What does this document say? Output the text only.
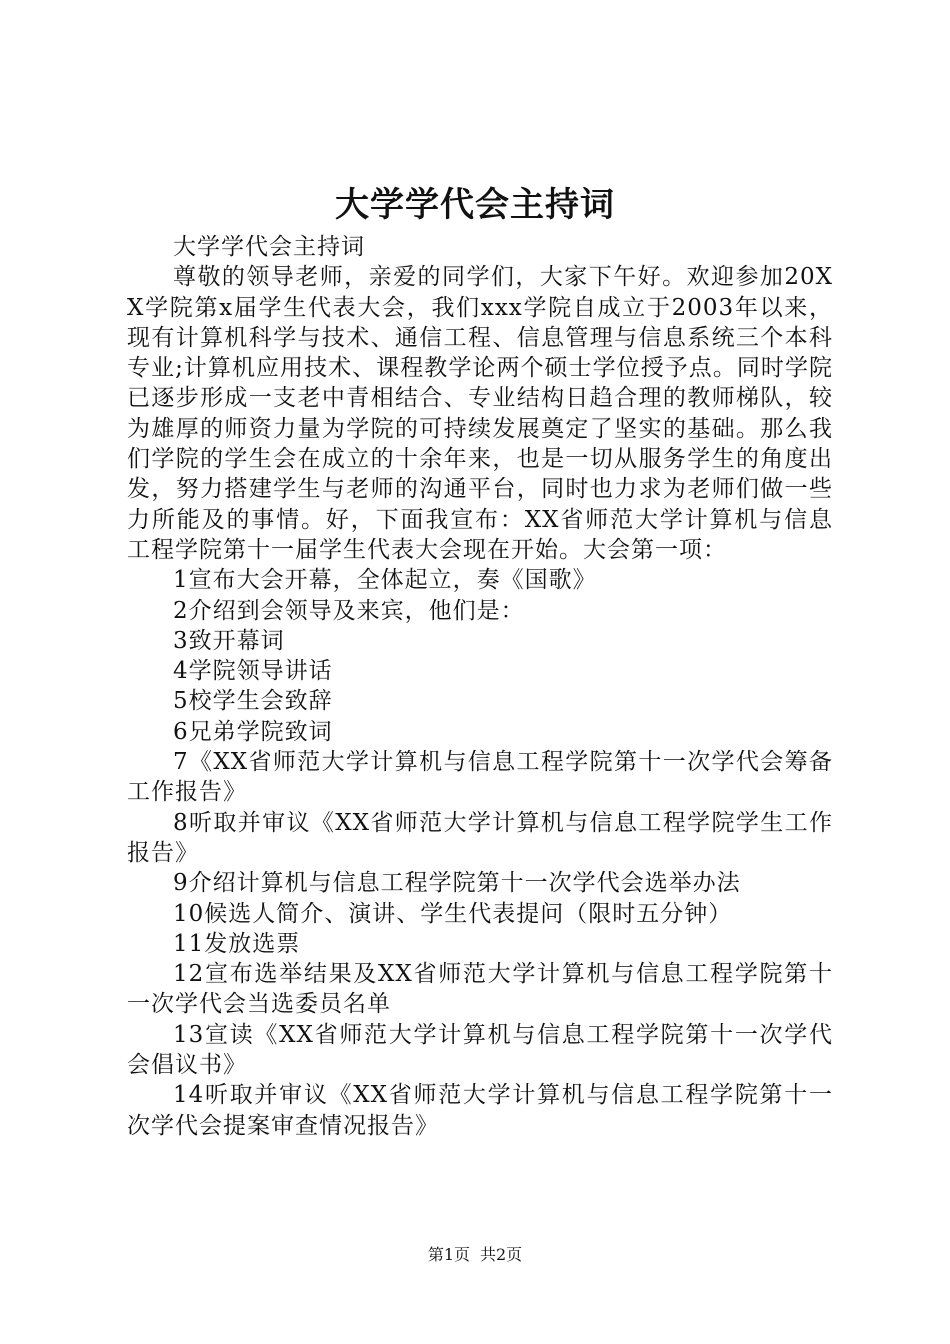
大学学代会主持词

大学学代会主持词

尊敬的领导老师，亲爱的同学们，大家下午好。欢迎参加20XX学院第x届学生代表大会，我们xxx学院自成立于2003年以来，现有计算机科学与技术、通信工程、信息管理与信息系统三个本科专业;计算机应用技术、课程教学论两个硕士学位授予点。同时学院已逐步形成一支老中青相结合、专业结构日趋合理的教师梯队，较为雄厚的师资力量为学院的可持续发展奠定了坚实的基础。那么我们学院的学生会在成立的十余年来，也是一切从服务学生的角度出发，努力搭建学生与老师的沟通平台，同时也力求为老师们做一些力所能及的事情。好，下面我宣布：XX省师范大学计算机与信息工程学院第十一届学生代表大会现在开始。大会第一项：

1宣布大会开幕，全体起立，奏《国歌》

2介绍到会领导及来宾，他们是：

3致开幕词

4学院领导讲话

5校学生会致辞

6兄弟学院致词

7《XX省师范大学计算机与信息工程学院第十一次学代会筹备工作报告》

8听取并审议《XX省师范大学计算机与信息工程学院学生工作报告》

9介绍计算机与信息工程学院第十一次学代会选举办法

10候选人简介、演讲、学生代表提问（限时五分钟）

11发放选票

12宣布选举结果及XX省师范大学计算机与信息工程学院第十一次学代会当选委员名单

13宣读《XX省师范大学计算机与信息工程学院第十一次学代会倡议书》

14听取并审议《XX省师范大学计算机与信息工程学院第十一次学代会提案审查情况报告》

第1页 共2页
